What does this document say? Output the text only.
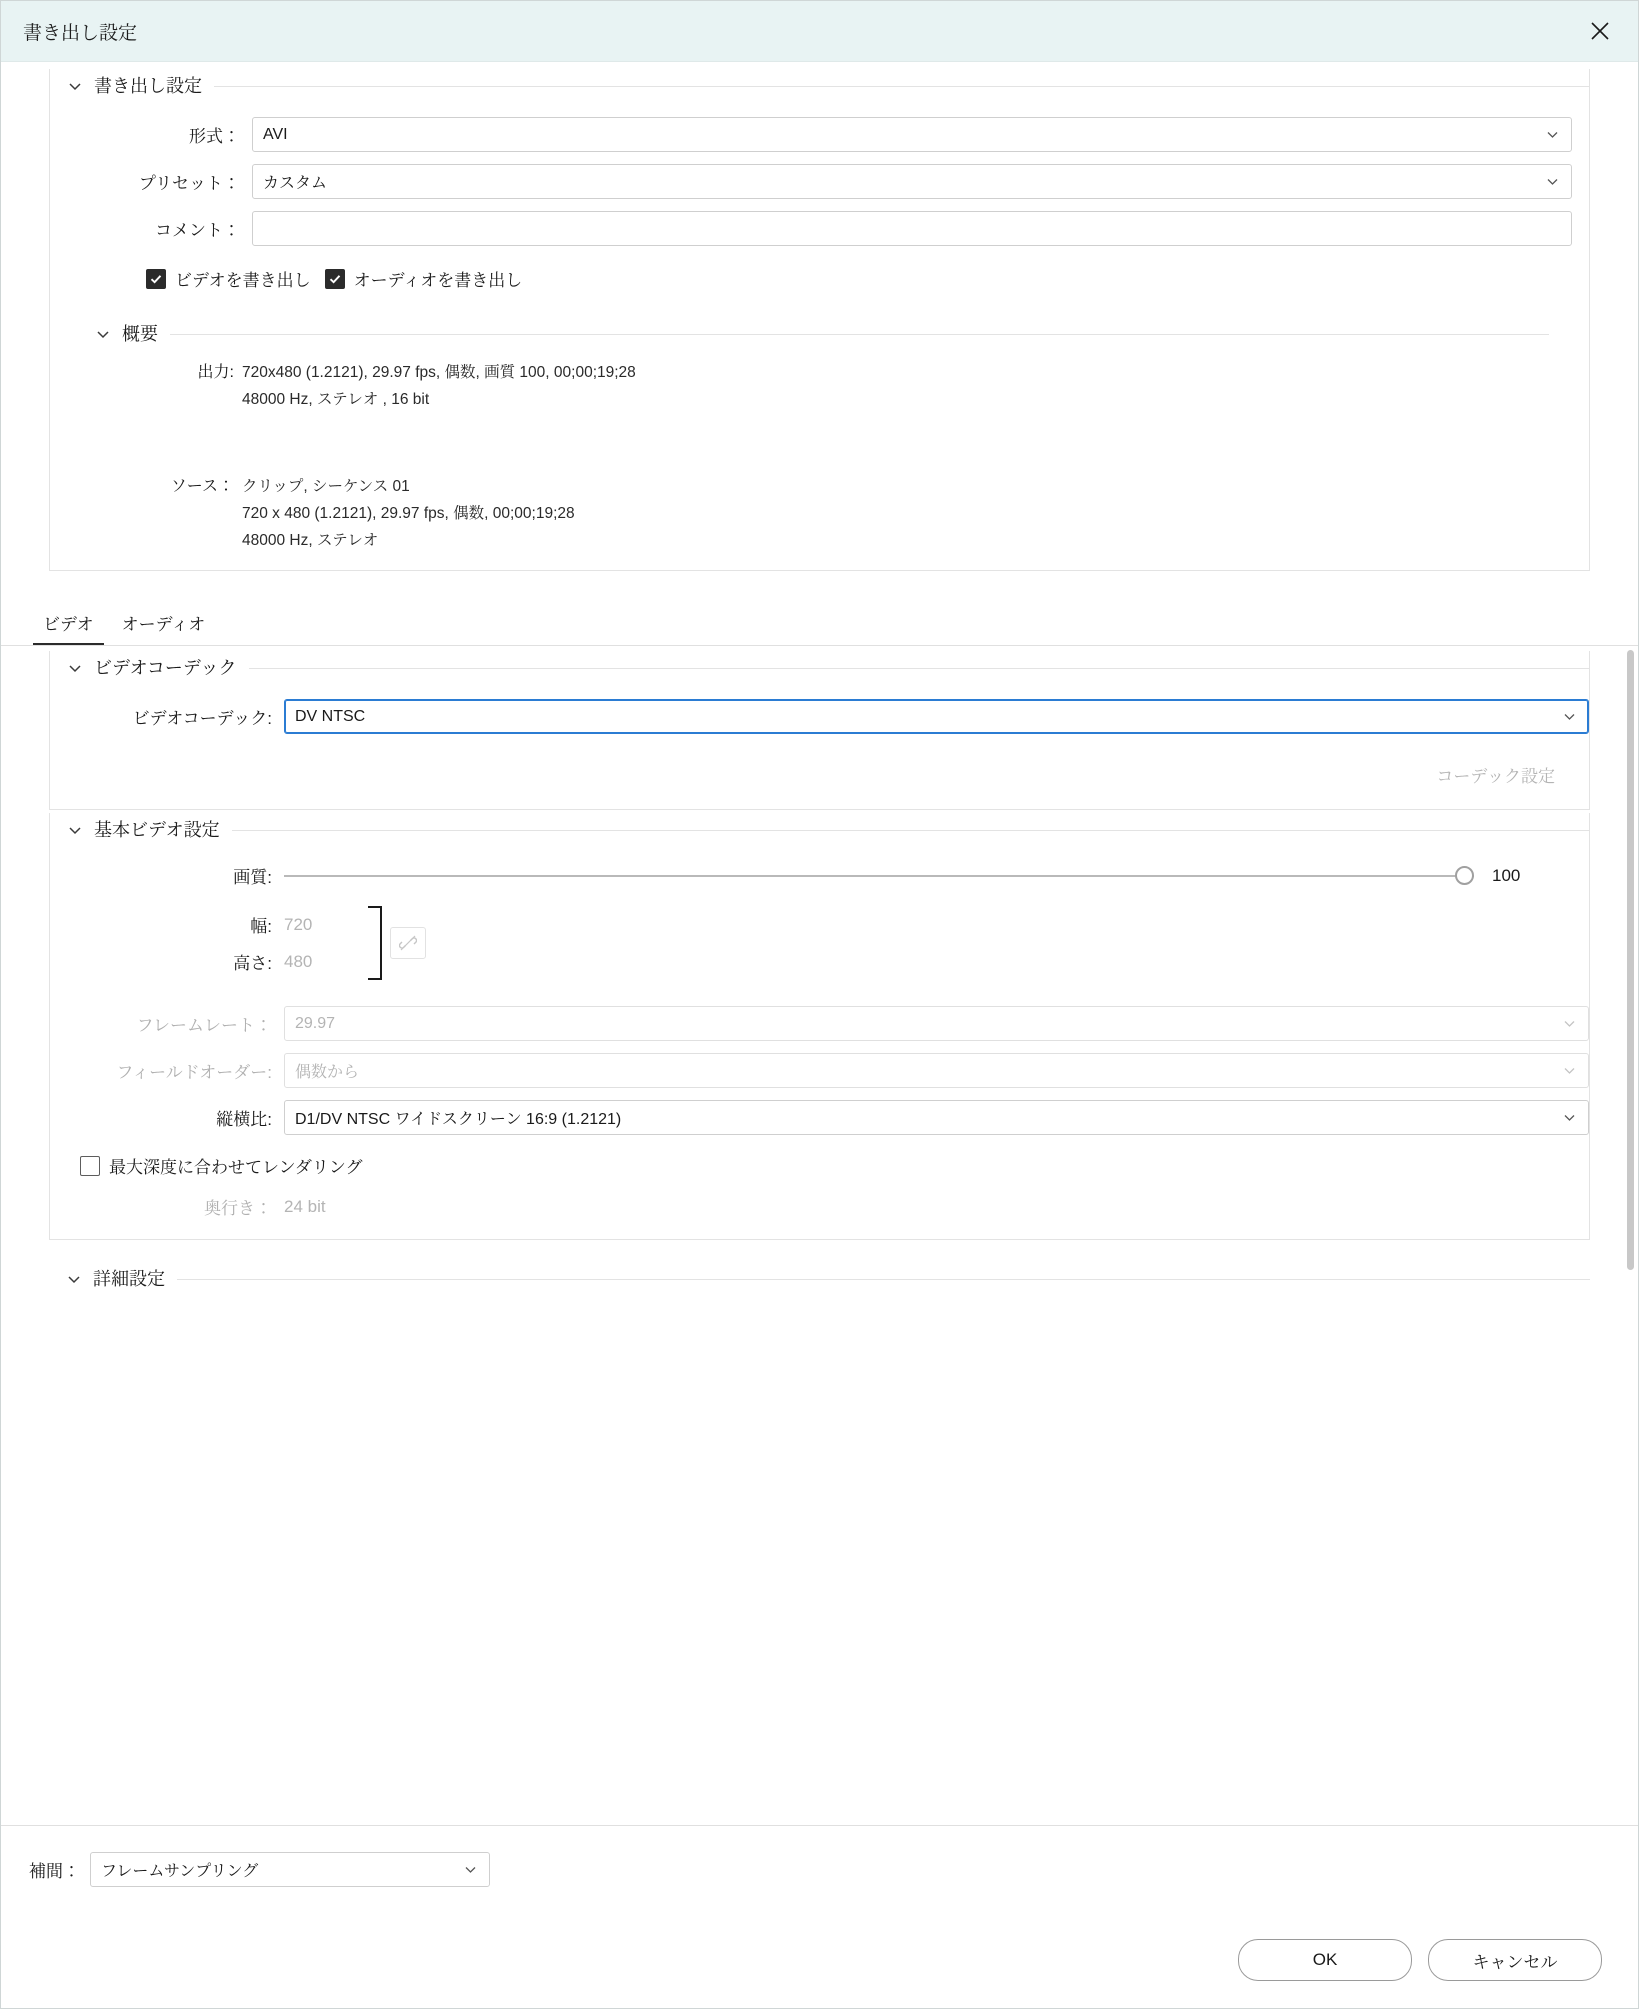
書き出し設定
書き出し設定
形式：	AVI
プリセット：	カスタム
コメント：
ビデオを書き出し	オーディオを書き出し
概要
出力: 720x480 (1.2121), 29.97 fps, 偶数, 画質 100, 00;00;19;28
48000 Hz, ステレオ , 16 bit
ソース： クリップ, シーケンス 01
720 x 480 (1.2121), 29.97 fps, 偶数, 00;00;19;28
48000 Hz, ステレオ
ビデオ	オーディオ
ビデオコーデック
ビデオコーデック:	DV NTSC
コーデック設定
基本ビデオ設定
画質:	100
幅: 720
高さ: 480
フレームレート：	29.97
フィールドオーダー:	偶数から
縦横比:	D1/DV NTSC ワイドスクリーン 16:9 (1.2121)
最大深度に合わせてレンダリング
奥行き： 24 bit
詳細設定
補間：	フレームサンプリング
OK	キャンセル
